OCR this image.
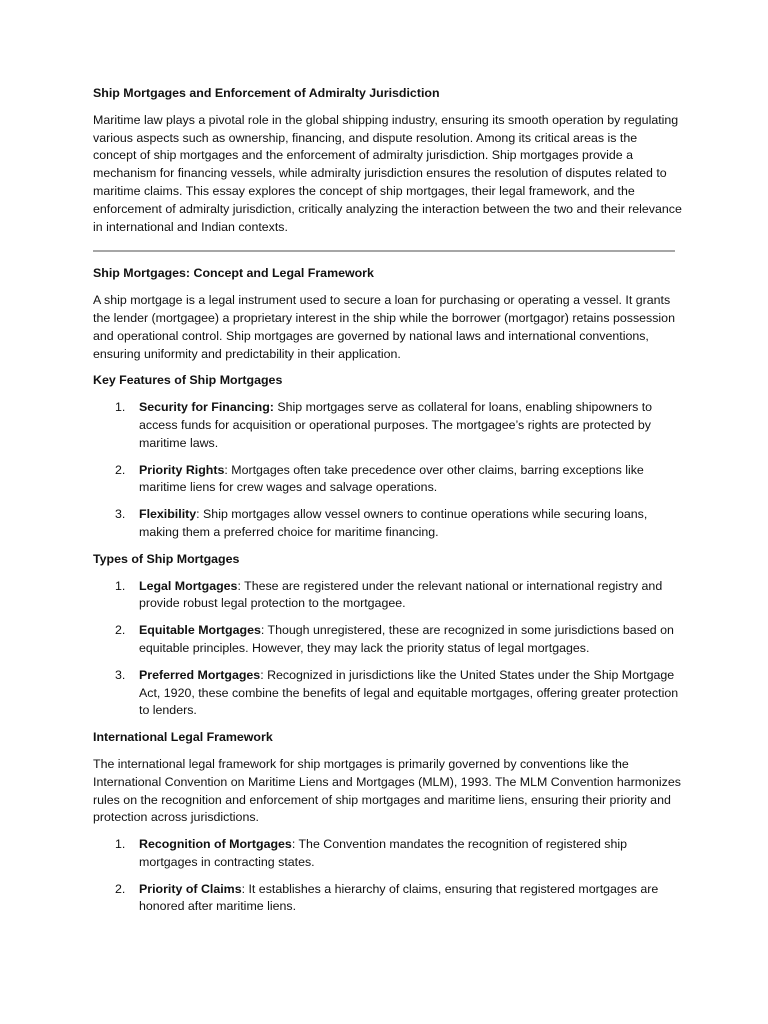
Ship Mortgages and Enforcement of Admiralty Jurisdiction
Maritime law plays a pivotal role in the global shipping industry, ensuring its smooth operation by regulating various aspects such as ownership, financing, and dispute resolution. Among its critical areas is the concept of ship mortgages and the enforcement of admiralty jurisdiction. Ship mortgages provide a mechanism for financing vessels, while admiralty jurisdiction ensures the resolution of disputes related to maritime claims. This essay explores the concept of ship mortgages, their legal framework, and the enforcement of admiralty jurisdiction, critically analyzing the interaction between the two and their relevance in international and Indian contexts.
Ship Mortgages: Concept and Legal Framework
A ship mortgage is a legal instrument used to secure a loan for purchasing or operating a vessel. It grants the lender (mortgagee) a proprietary interest in the ship while the borrower (mortgagor) retains possession and operational control. Ship mortgages are governed by national laws and international conventions, ensuring uniformity and predictability in their application.
Key Features of Ship Mortgages
1. Security for Financing: Ship mortgages serve as collateral for loans, enabling shipowners to access funds for acquisition or operational purposes. The mortgagee’s rights are protected by maritime laws.
2. Priority Rights: Mortgages often take precedence over other claims, barring exceptions like maritime liens for crew wages and salvage operations.
3. Flexibility: Ship mortgages allow vessel owners to continue operations while securing loans, making them a preferred choice for maritime financing.
Types of Ship Mortgages
1. Legal Mortgages: These are registered under the relevant national or international registry and provide robust legal protection to the mortgagee.
2. Equitable Mortgages: Though unregistered, these are recognized in some jurisdictions based on equitable principles. However, they may lack the priority status of legal mortgages.
3. Preferred Mortgages: Recognized in jurisdictions like the United States under the Ship Mortgage Act, 1920, these combine the benefits of legal and equitable mortgages, offering greater protection to lenders.
International Legal Framework
The international legal framework for ship mortgages is primarily governed by conventions like the International Convention on Maritime Liens and Mortgages (MLM), 1993. The MLM Convention harmonizes rules on the recognition and enforcement of ship mortgages and maritime liens, ensuring their priority and protection across jurisdictions.
1. Recognition of Mortgages: The Convention mandates the recognition of registered ship mortgages in contracting states.
2. Priority of Claims: It establishes a hierarchy of claims, ensuring that registered mortgages are honored after maritime liens.
